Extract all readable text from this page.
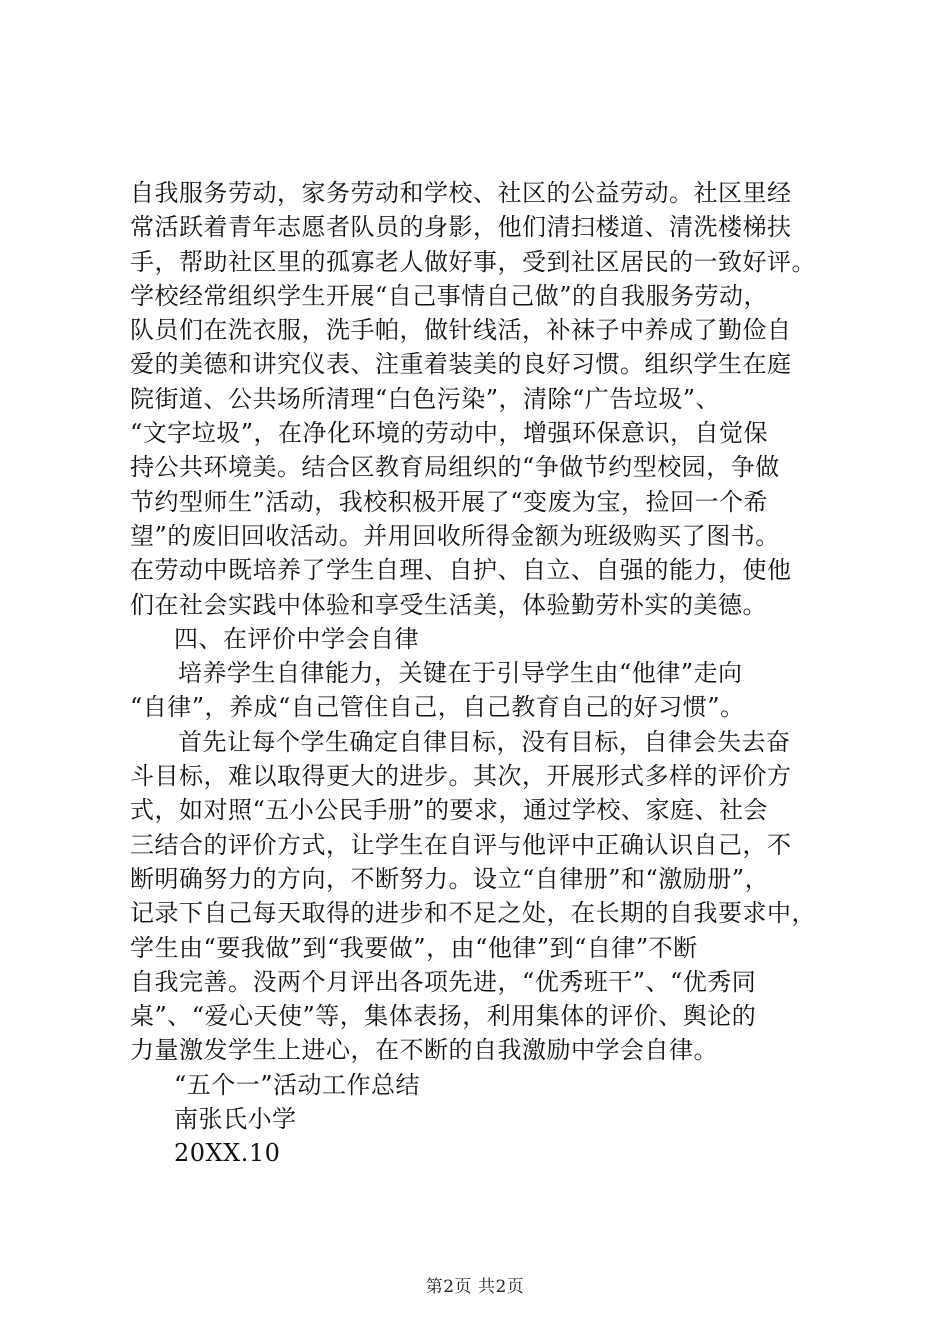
自我服务劳动，家务劳动和学校、社区的公益劳动。社区里经
常活跃着青年志愿者队员的身影，他们清扫楼道、清洗楼梯扶
手，帮助社区里的孤寡老人做好事，受到社区居民的一致好评。
学校经常组织学生开展“自己事情自己做”的自我服务劳动，
队员们在洗衣服，洗手帕，做针线活，补袜子中养成了勤俭自
爱的美德和讲究仪表、注重着装美的良好习惯。组织学生在庭
院街道、公共场所清理“白色污染”，清除“广告垃圾”、
“文字垃圾”，在净化环境的劳动中，增强环保意识，自觉保
持公共环境美。结合区教育局组织的“争做节约型校园，争做
节约型师生”活动，我校积极开展了“变废为宝，捡回一个希
望”的废旧回收活动。并用回收所得金额为班级购买了图书。
在劳动中既培养了学生自理、自护、自立、自强的能力，使他
们在社会实践中体验和享受生活美，体验勤劳朴实的美德。
四、在评价中学会自律
培养学生自律能力，关键在于引导学生由“他律”走向
“自律”，养成“自己管住自己，自己教育自己的好习惯”。
首先让每个学生确定自律目标，没有目标，自律会失去奋
斗目标，难以取得更大的进步。其次，开展形式多样的评价方
式，如对照“五小公民手册”的要求，通过学校、家庭、社会
三结合的评价方式，让学生在自评与他评中正确认识自己，不
断明确努力的方向，不断努力。设立“自律册”和“激励册”，
记录下自己每天取得的进步和不足之处，在长期的自我要求中，
学生由“要我做”到“我要做”，由“他律”到“自律”不断
自我完善。没两个月评出各项先进，“优秀班干”、“优秀同
桌”、“爱心天使”等，集体表扬，利用集体的评价、舆论的
力量激发学生上进心，在不断的自我激励中学会自律。
“五个一”活动工作总结
南张氏小学
20XX.10
第2页 共2页
